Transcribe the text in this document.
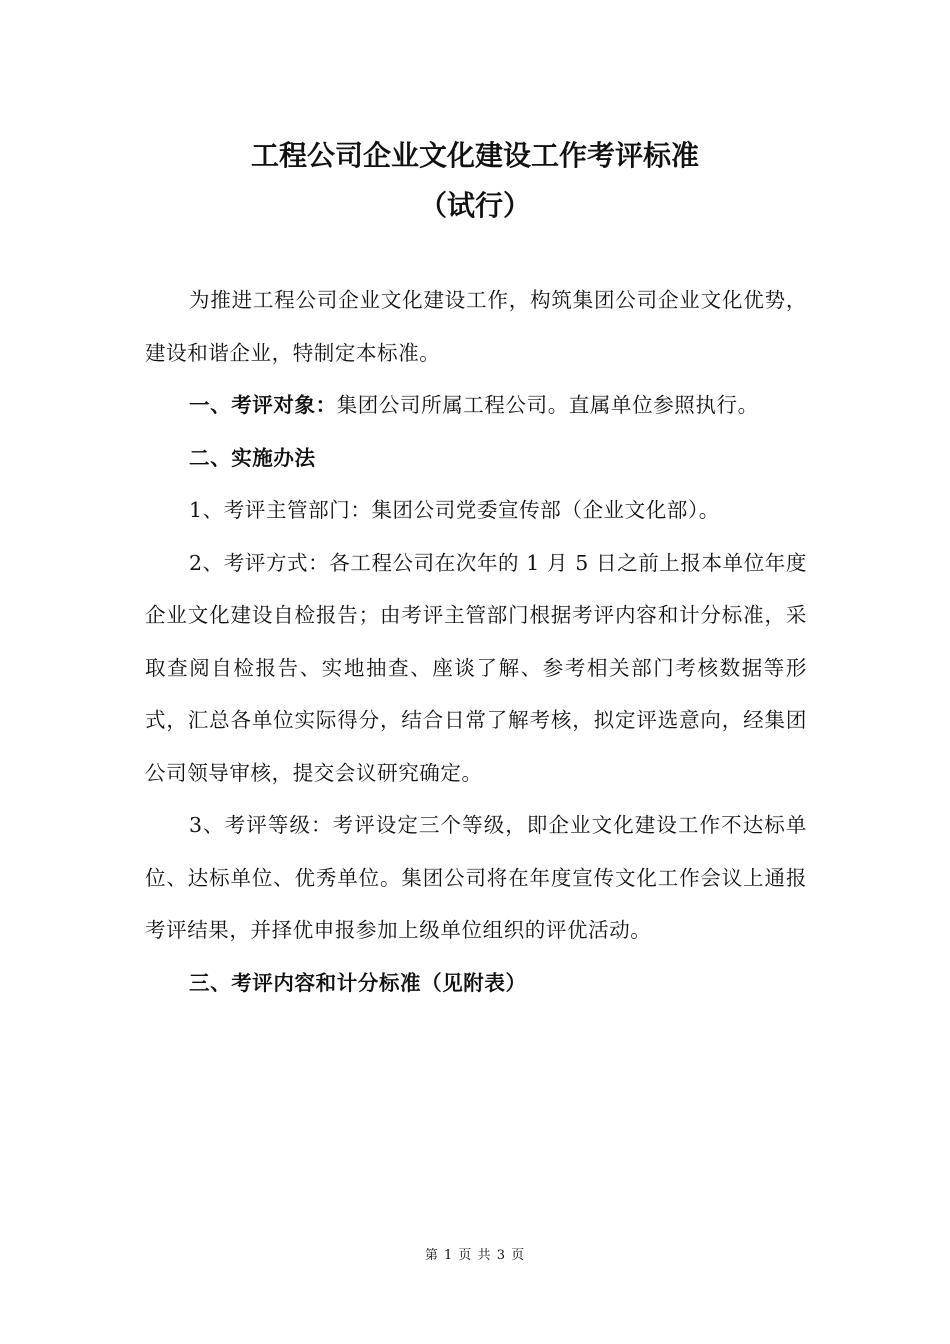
工程公司企业文化建设工作考评标准
（试行）

为推进工程公司企业文化建设工作，构筑集团公司企业文化优势，建设和谐企业，特制定本标准。

一、考评对象：集团公司所属工程公司。直属单位参照执行。

二、实施办法

1、考评主管部门：集团公司党委宣传部（企业文化部）。

2、考评方式：各工程公司在次年的 1 月 5 日之前上报本单位年度企业文化建设自检报告；由考评主管部门根据考评内容和计分标准，采取查阅自检报告、实地抽查、座谈了解、参考相关部门考核数据等形式，汇总各单位实际得分，结合日常了解考核，拟定评选意向，经集团公司领导审核，提交会议研究确定。

3、考评等级：考评设定三个等级，即企业文化建设工作不达标单位、达标单位、优秀单位。集团公司将在年度宣传文化工作会议上通报考评结果，并择优申报参加上级单位组织的评优活动。

三、考评内容和计分标准（见附表）

第 1 页 共 3 页
